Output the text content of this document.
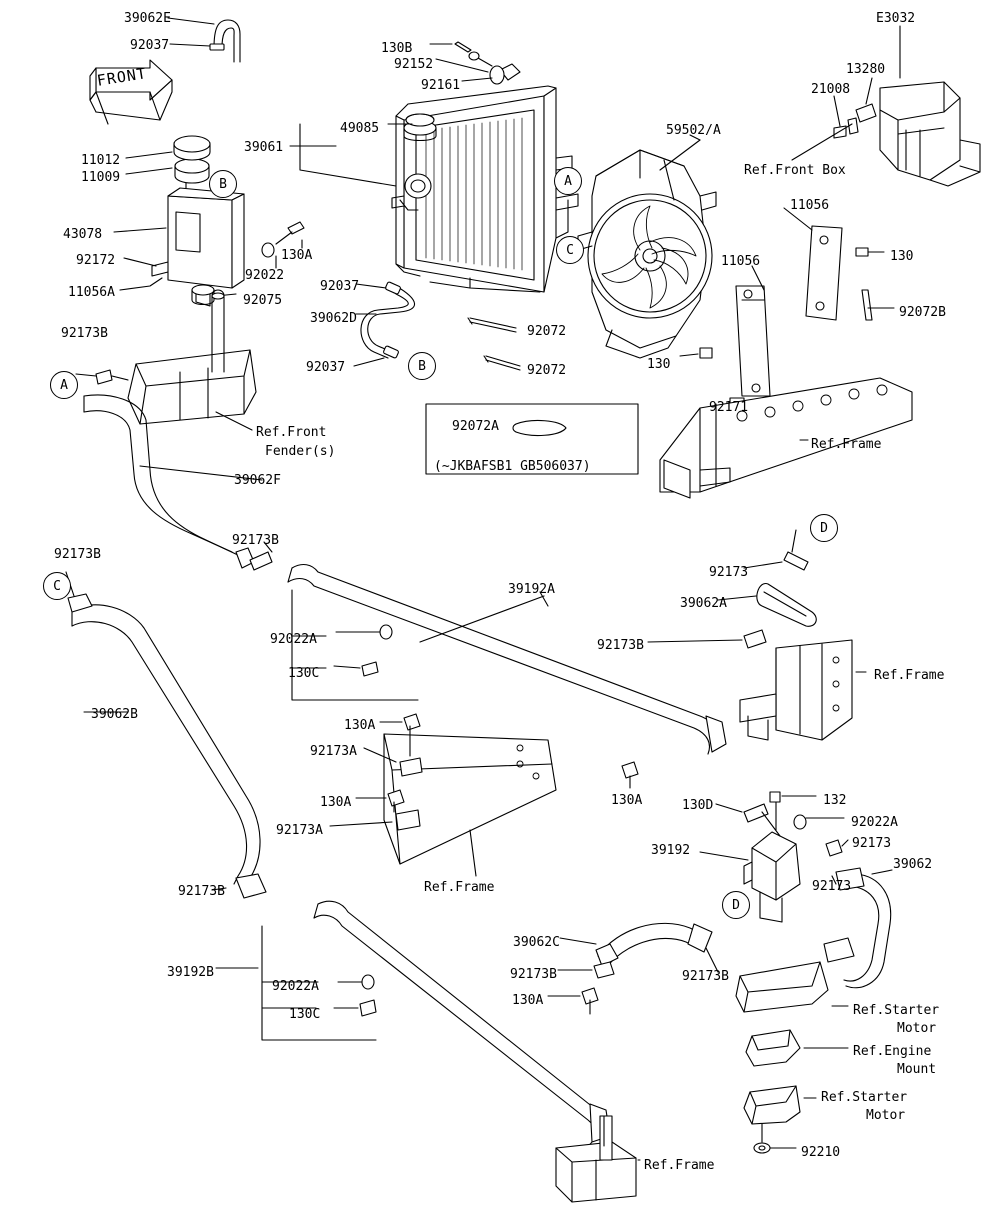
FRONT
39062E
92037	130B
92152
92161
E3032
13280
21008
49085
39061
59502/A
Ref.Front Box
11012
11009
43078
92172
11056A
92022
130A
92075
92037
39062D
92037
92072
92072
11056
130
11056
92072B
130
92171
Ref.Frame
92173B
Ref.Front
Fender(s)
92072A
(~JKBAFSB1 GB506037)
39062F
92173B
92173B
39192A
92173
39062A
92173B
Ref.Frame
92022A
130C
39062B
130A
92173A
130A
92173A
130A	130D	132
92022A
92173
39192
39062
92173
Ref.Frame
92173B
39062C
92173B	92173B
39192B
92022A
130C
130A
Ref.Starter
Motor
Ref.Engine
Mount
Ref.Starter
Motor
92210
Ref.Frame
B	A
C
A
B
C
D
D
